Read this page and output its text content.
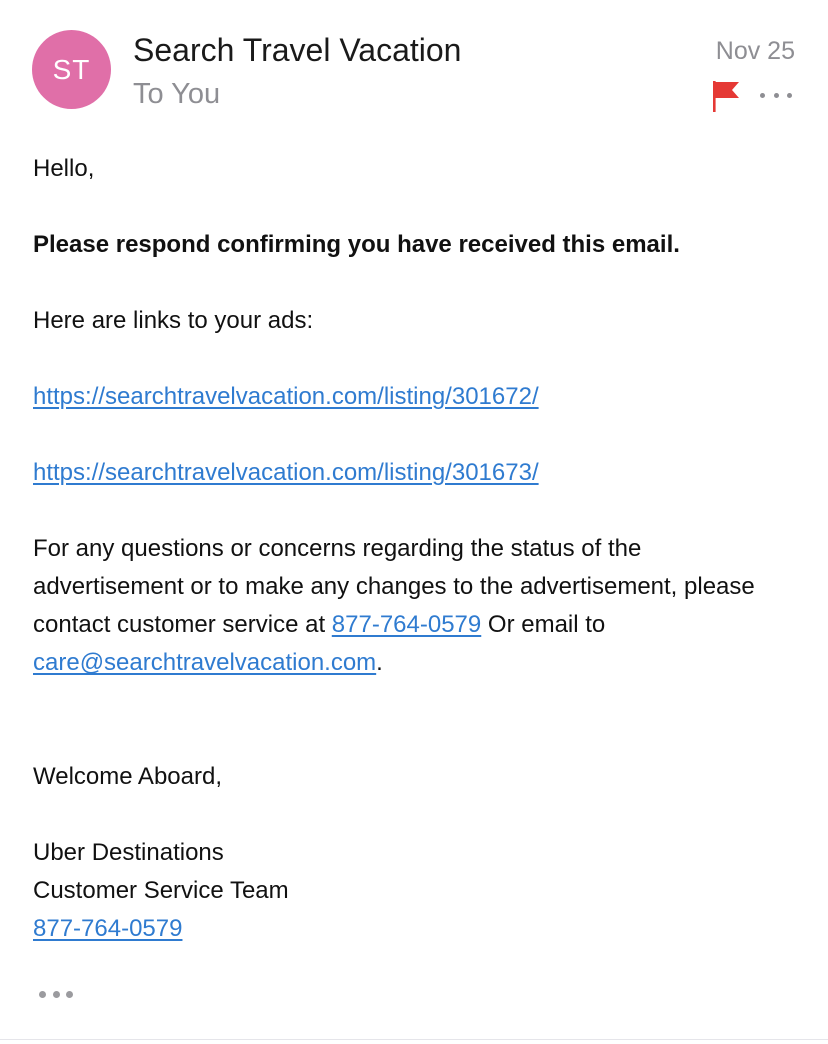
ST
Search Travel Vacation
To You
Nov 25

Hello,

Please respond confirming you have received this email.

Here are links to your ads:

https://searchtravelvacation.com/listing/301672/

https://searchtravelvacation.com/listing/301673/

For any questions or concerns regarding the status of the advertisement or to make any changes to the advertisement, please contact customer service at 877-764-0579 Or email to care@searchtravelvacation.com.

Welcome Aboard,

Uber Destinations

Customer Service Team

877-764-0579
